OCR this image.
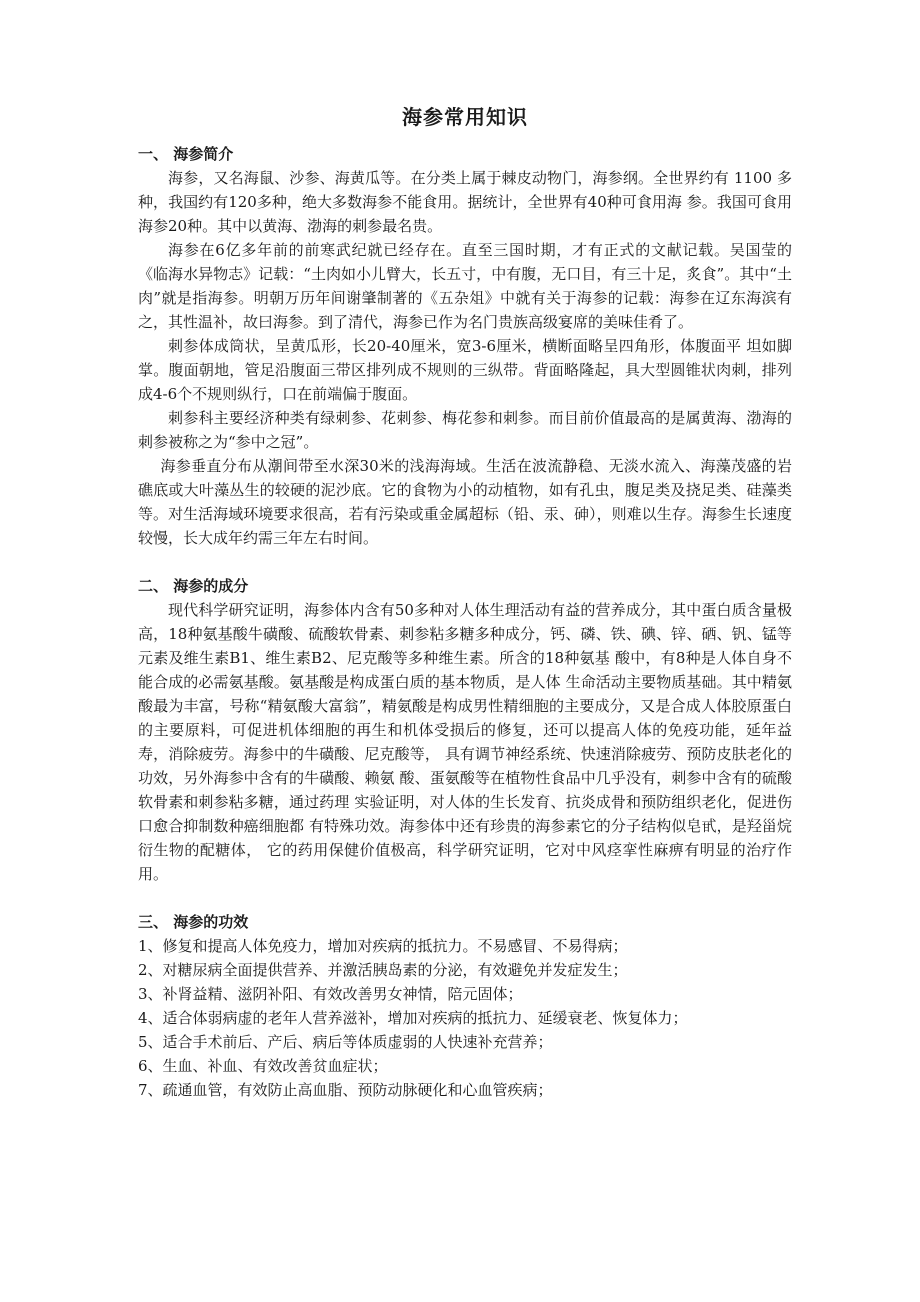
海参常用知识
一、 海参简介

海参，又名海鼠、沙参、海黄瓜等。在分类上属于棘皮动物门，海参纲。全世界约有 1100 多种，我国约有120多种，绝大多数海参不能食用。据统计，全世界有40种可食用海 参。我国可食用海参20种。其中以黄海、渤海的刺参最名贵。

海参在6亿多年前的前寒武纪就已经存在。直至三国时期，才有正式的文献记载。吴国莹的《临海水异物志》记载：“土肉如小儿臂大，长五寸，中有腹，无口目，有三十足，炙食”。其中“土肉”就是指海参。明朝万历年间谢肇制著的《五杂俎》中就有关于海参的记载：海参在辽东海滨有之，其性温补，故曰海参。到了清代，海参已作为名门贵族高级宴席的美味佳肴了。

刺参体成筒状，呈黄瓜形，长20-40厘米，宽3-6厘米，横断面略呈四角形，体腹面平 坦如脚掌。腹面朝地，管足沿腹面三带区排列成不规则的三纵带。背面略隆起，具大型圆锥状肉刺，排列成4-6个不规则纵行，口在前端偏于腹面。

刺参科主要经济种类有绿刺参、花刺参、梅花参和刺参。而目前价值最高的是属黄海、渤海的刺参被称之为“参中之冠”。

海参垂直分布从潮间带至水深30米的浅海海域。生活在波流静稳、无淡水流入、海藻茂盛的岩礁底或大叶藻丛生的较硬的泥沙底。它的食物为小的动植物，如有孔虫，腹足类及挠足类、硅藻类等。对生活海域环境要求很高，若有污染或重金属超标（铅、汞、砷），则难以生存。海参生长速度较慢，长大成年约需三年左右时间。

二、 海参的成分

现代科学研究证明，海参体内含有50多种对人体生理活动有益的营养成分，其中蛋白质含量极高，18种氨基酸牛磺酸、硫酸软骨素、刺参粘多糖多种成分，钙、磷、铁、碘、锌、硒、钒、锰等元素及维生素B1、维生素B2、尼克酸等多种维生素。所含的18种氨基 酸中，有8种是人体自身不能合成的必需氨基酸。氨基酸是构成蛋白质的基本物质，是人体 生命活动主要物质基础。其中精氨酸最为丰富，号称“精氨酸大富翁”，精氨酸是构成男性精细胞的主要成分，又是合成人体胶原蛋白的主要原料，可促进机体细胞的再生和机体受损后的修复，还可以提高人体的免疫功能，延年益寿，消除疲劳。海参中的牛磺酸、尼克酸等， 具有调节神经系统、快速消除疲劳、预防皮肤老化的功效，另外海参中含有的牛磺酸、赖氨 酸、蛋氨酸等在植物性食品中几乎没有，刺参中含有的硫酸软骨素和刺参粘多糖，通过药理 实验证明，对人体的生长发育、抗炎成骨和预防组织老化，促进伤口愈合抑制数种癌细胞都 有特殊功效。海参体中还有珍贵的海参素它的分子结构似皂甙，是羟甾烷衍生物的配糖体， 它的药用保健价值极高，科学研究证明，它对中风痉挛性麻痹有明显的治疗作用。

三、 海参的功效

1、修复和提高人体免疫力，增加对疾病的抵抗力。不易感冒、不易得病；

2、对糖尿病全面提供营养、并激活胰岛素的分泌，有效避免并发症发生；

3、补肾益精、滋阴补阳、有效改善男女神情，陪元固体；

4、适合体弱病虚的老年人营养滋补，增加对疾病的抵抗力、延缓衰老、恢复体力；

5、适合手术前后、产后、病后等体质虚弱的人快速补充营养；

6、生血、补血、有效改善贫血症状；

7、疏通血管，有效防止高血脂、预防动脉硬化和心血管疾病；
